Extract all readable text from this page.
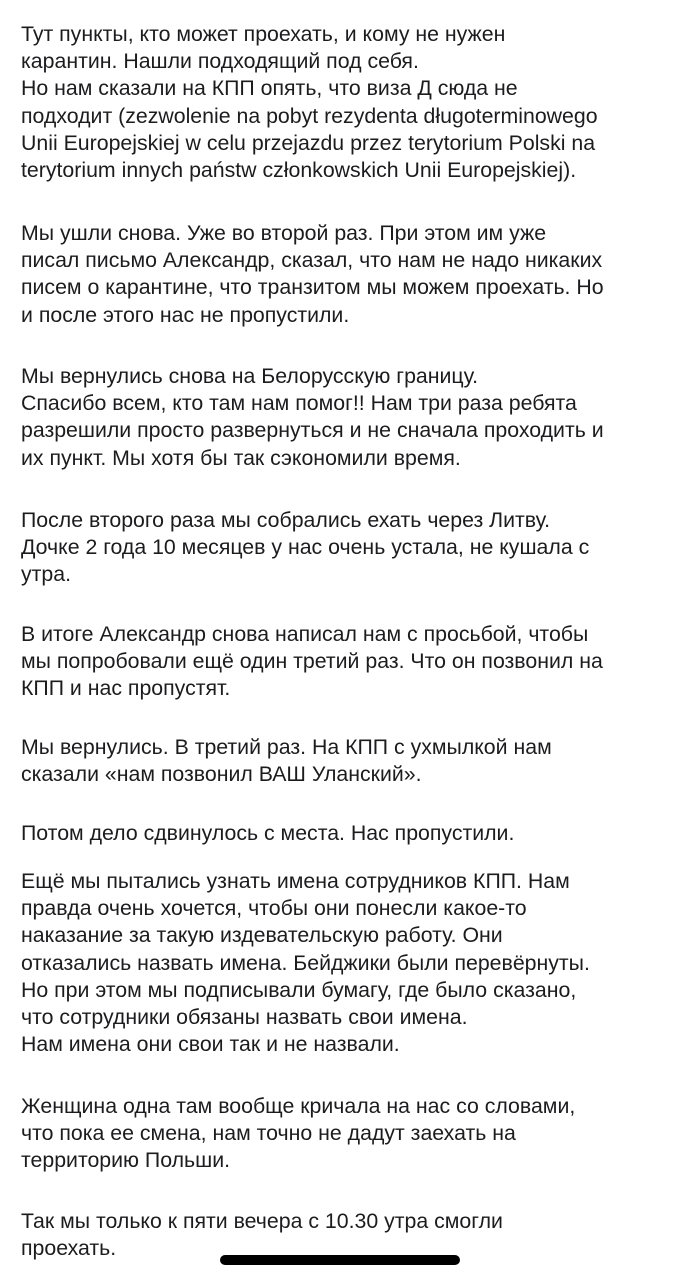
Тут пункты, кто может проехать, и кому не нужен
карантин. Нашли подходящий под себя.
Но нам сказали на КПП опять, что виза Д сюда не
подходит (zezwolenie na pobyt rezydenta długoterminowego
Unii Europejskiej w celu przejazdu przez terytorium Polski na
terytorium innych państw członkowskich Unii Europejskiej).

Мы ушли снова. Уже во второй раз. При этом им уже
писал письмо Александр, сказал, что нам не надо никаких
писем о карантине, что транзитом мы можем проехать. Но
и после этого нас не пропустили.

Мы вернулись снова на Белорусскую границу.
Спасибо всем, кто там нам помог!! Нам три раза ребята
разрешили просто развернуться и не сначала проходить и
их пункт. Мы хотя бы так сэкономили время.

После второго раза мы собрались ехать через Литву.
Дочке 2 года 10 месяцев у нас очень устала, не кушала с
утра.

В итоге Александр снова написал нам с просьбой, чтобы
мы попробовали ещё один третий раз. Что он позвонил на
КПП и нас пропустят.

Мы вернулись. В третий раз. На КПП с ухмылкой нам
сказали «нам позвонил ВАШ Уланский».

Потом дело сдвинулось с места. Нас пропустили.

Ещё мы пытались узнать имена сотрудников КПП. Нам
правда очень хочется, чтобы они понесли какое-то
наказание за такую издевательскую работу. Они
отказались назвать имена. Бейджики были перевёрнуты.
Но при этом мы подписывали бумагу, где было сказано,
что сотрудники обязаны назвать свои имена.
Нам имена они свои так и не назвали.

Женщина одна там вообще кричала на нас со словами,
что пока ее смена, нам точно не дадут заехать на
территорию Польши.

Так мы только к пяти вечера с 10.30 утра смогли
проехать.
